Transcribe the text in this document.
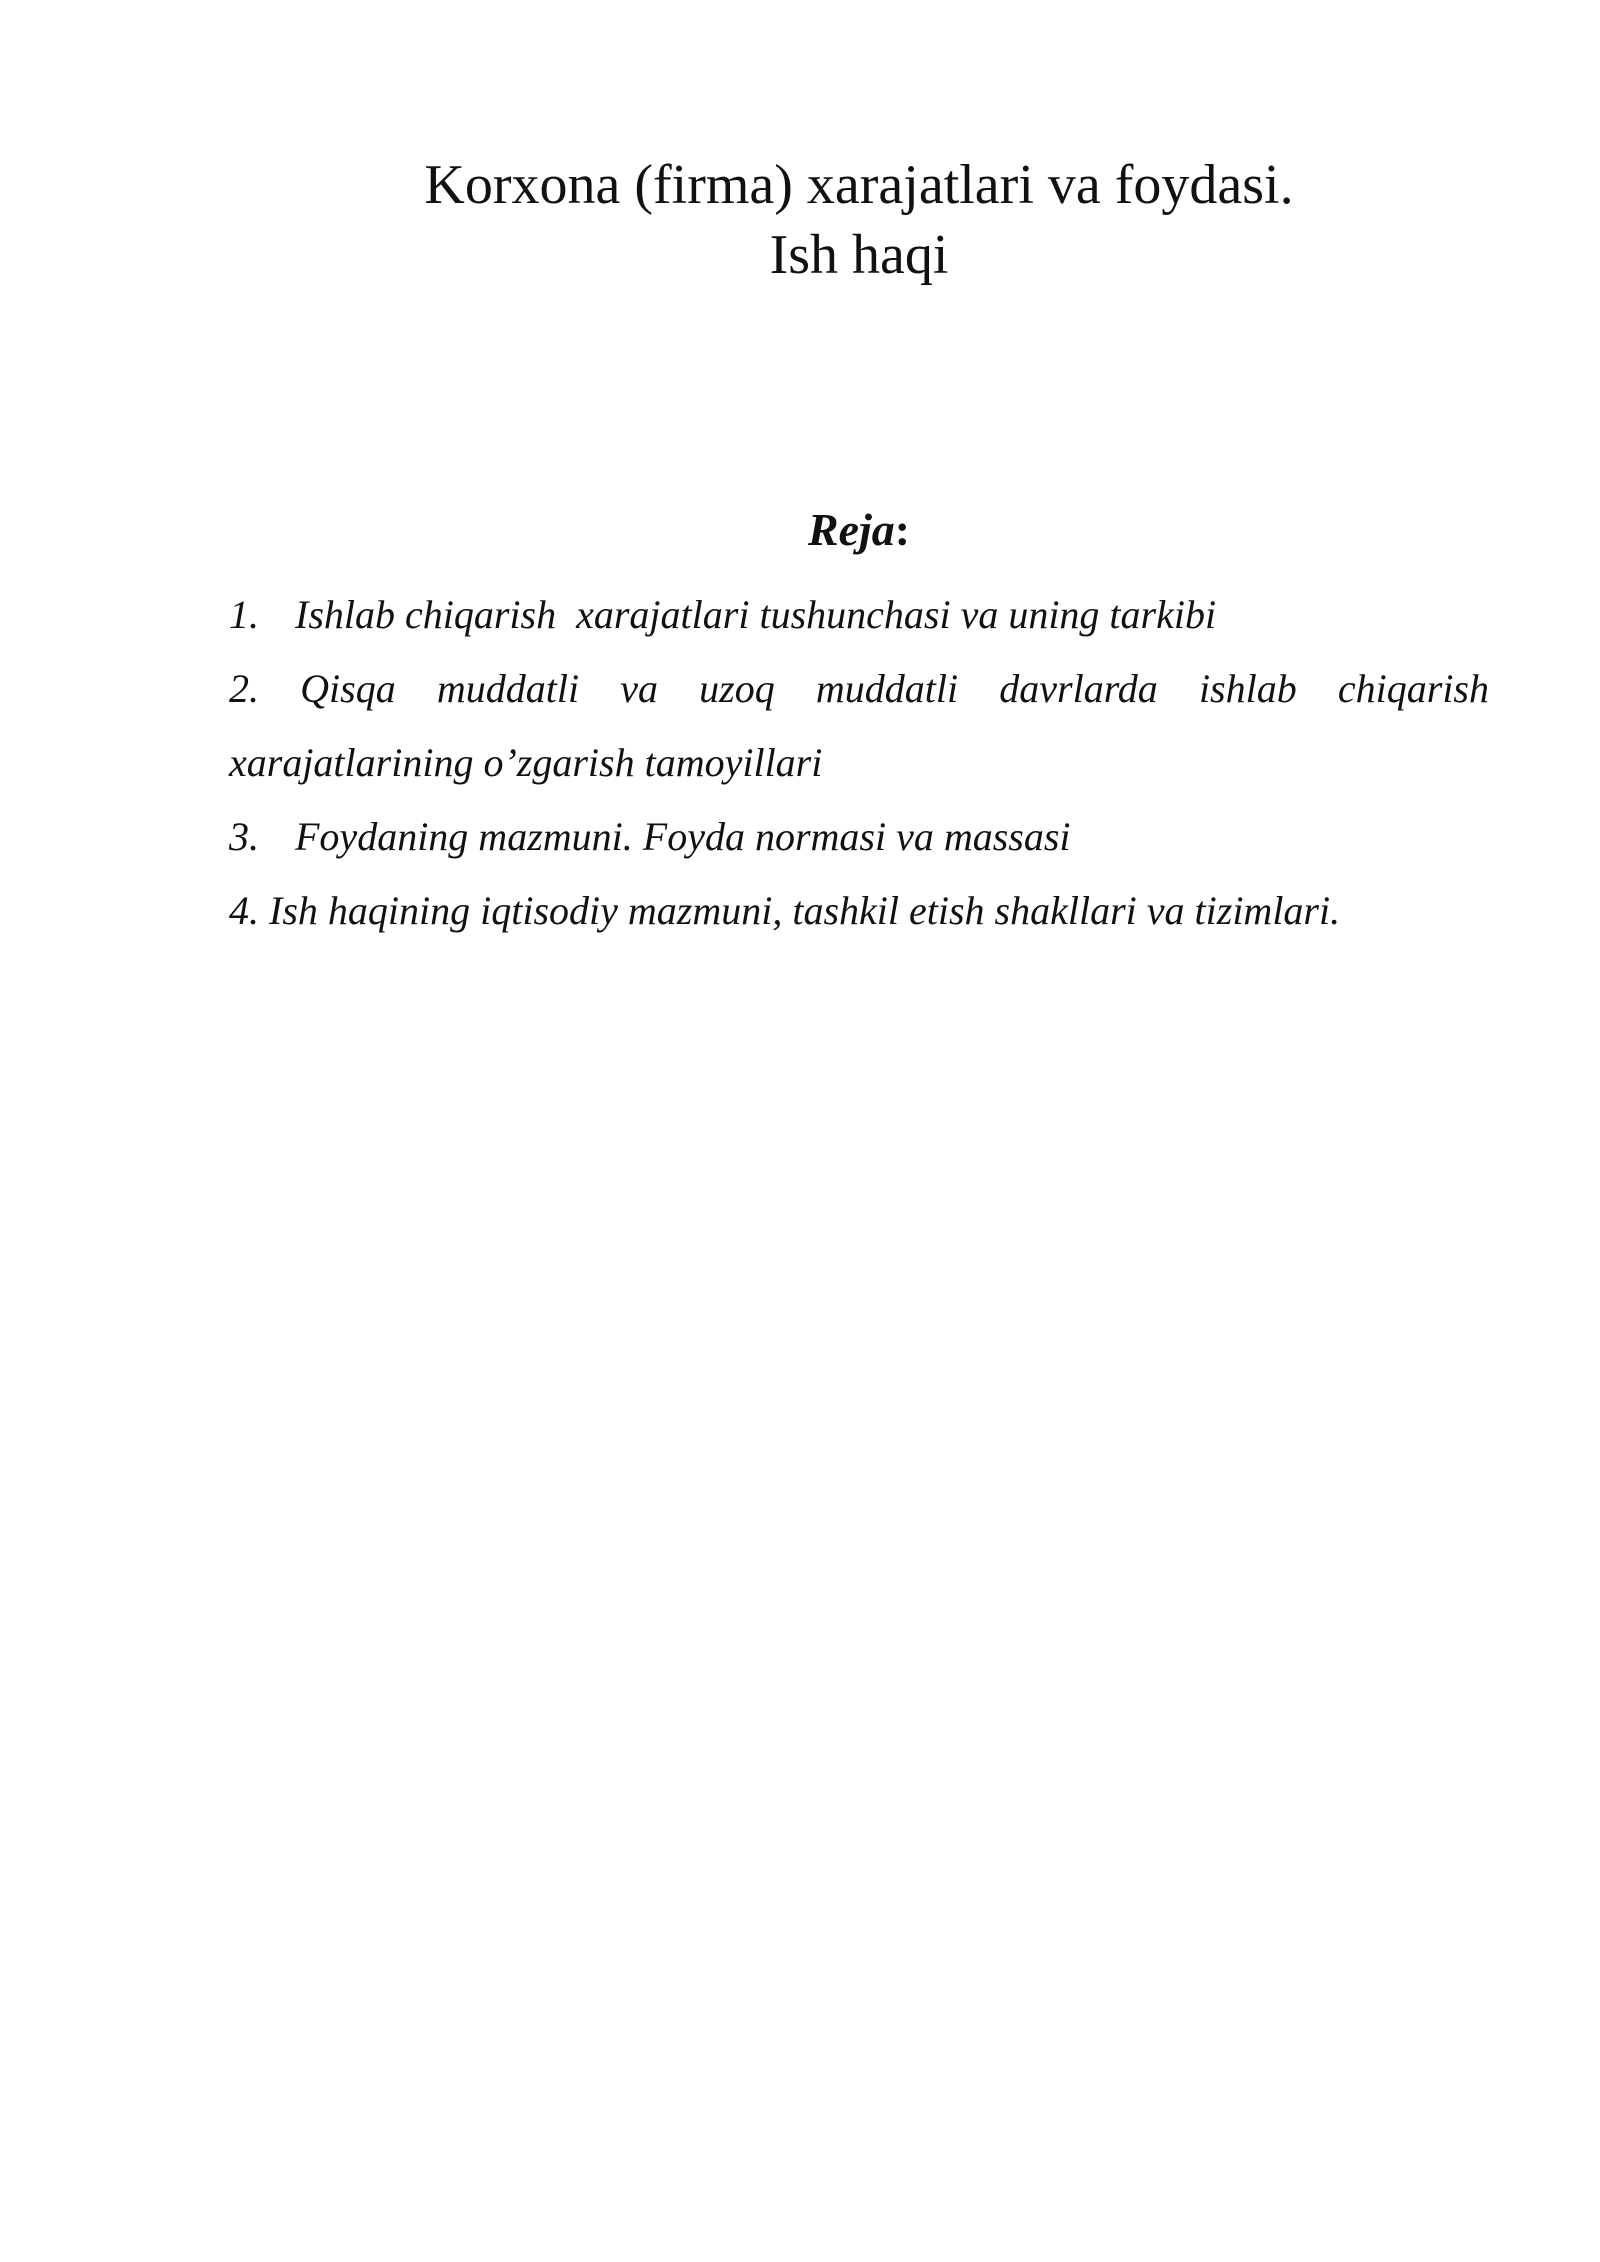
Korxona (firma) xarajatlari va foydasi.
Ish haqi
Reja:
1. Ishlab chiqarish  xarajatlari tushunchasi va uning tarkibi
2. Qisqa muddatli va uzoq muddatli davrlarda ishlab chiqarish xarajatlarining o’zgarish tamoyillari
3. Foydaning mazmuni. Foyda normasi va massasi
4. Ish haqining iqtisodiy mazmuni, tashkil etish shakllari va tizimlari.
